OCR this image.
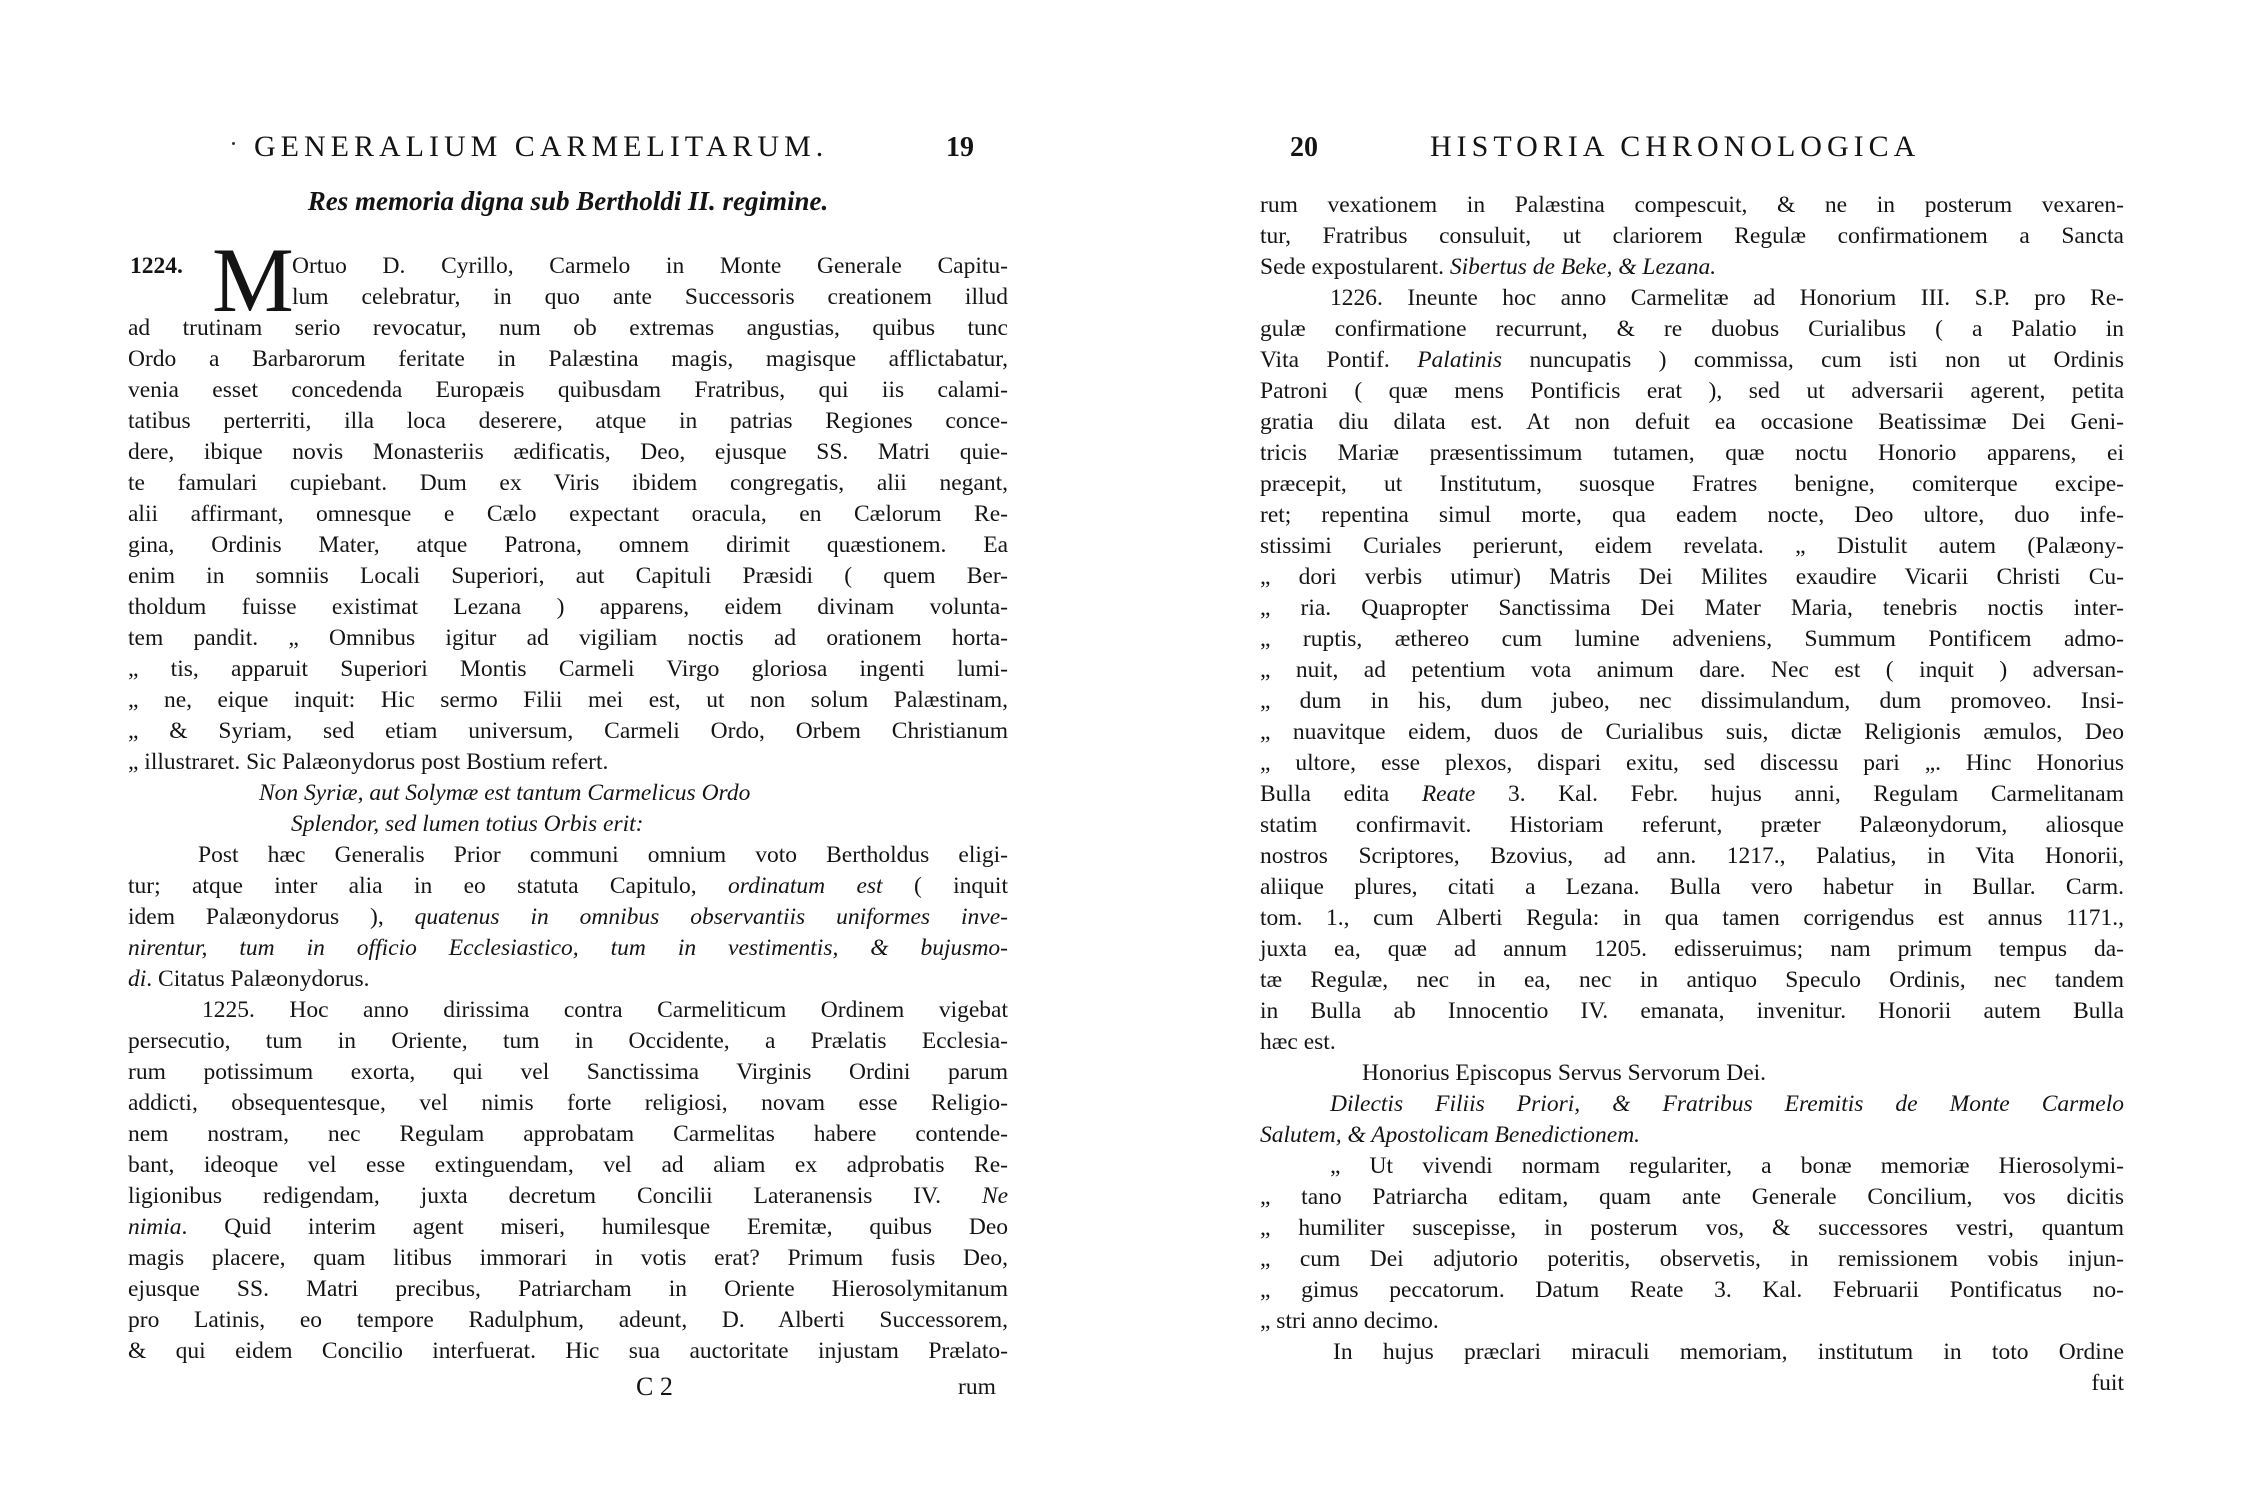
GENERALIUM CARMELITARUM.	19
Res memoria digna sub Bertholdi II. regimine.
1224. M
Ortuo D. Cyrillo, Carmelo in Monte Generale Capitu-
lum celebratur, in quo ante Successoris creationem illud
ad trutinam serio revocatur, num ob extremas angustias, quibus tunc
Ordo a Barbarorum feritate in Palæstina magis, magisque afflictabatur,
venia esset concedenda Europæis quibusdam Fratribus, qui iis calami-
tatibus perterriti, illa loca deserere, atque in patrias Regiones conce-
dere, ibique novis Monasteriis ædificatis, Deo, ejusque SS. Matri quie-
te famulari cupiebant. Dum ex Viris ibidem congregatis, alii negant,
alii affirmant, omnesque e Cælo expectant oracula, en Cælorum Re-
gina, Ordinis Mater, atque Patrona, omnem dirimit quæstionem. Ea
enim in somniis Locali Superiori, aut Capituli Præsidi ( quem Ber-
tholdum fuisse existimat Lezana ) apparens, eidem divinam volunta-
tem pandit. „ Omnibus igitur ad vigiliam noctis ad orationem horta-
„ tis, apparuit Superiori Montis Carmeli Virgo gloriosa ingenti lumi-
„ ne, eique inquit: Hic sermo Filii mei est, ut non solum Palæstinam,
„ & Syriam, sed etiam universum, Carmeli Ordo, Orbem Christianum
„ illustraret. Sic Palæonydorus post Bostium refert.
Non Syriæ, aut Solymæ est tantum Carmelicus Ordo
Splendor, sed lumen totius Orbis erit:
Post hæc Generalis Prior communi omnium voto Bertholdus eligi-
tur; atque inter alia in eo statuta Capitulo, ordinatum est ( inquit
idem Palæonydorus ), quatenus in omnibus observantiis uniformes inve-
nirentur, tum in officio Ecclesiastico, tum in vestimentis, & bujusmo-
di. Citatus Palæonydorus.
1225. Hoc anno dirissima contra Carmeliticum Ordinem vigebat
persecutio, tum in Oriente, tum in Occidente, a Prælatis Ecclesia-
rum potissimum exorta, qui vel Sanctissima Virginis Ordini parum
addicti, obsequentesque, vel nimis forte religiosi, novam esse Religio-
nem nostram, nec Regulam approbatam Carmelitas habere contende-
bant, ideoque vel esse extinguendam, vel ad aliam ex adprobatis Re-
ligionibus redigendam, juxta decretum Concilii Lateranensis IV. Ne
nimia. Quid interim agent miseri, humilesque Eremitæ, quibus Deo
magis placere, quam litibus immorari in votis erat? Primum fusis Deo,
ejusque SS. Matri precibus, Patriarcham in Oriente Hierosolymitanum
pro Latinis, eo tempore Radulphum, adeunt, D. Alberti Successorem,
& qui eidem Concilio interfuerat. Hic sua auctoritate injustam Prælato-
C 2	rum
20	HISTORIA CHRONOLOGICA
rum vexationem in Palæstina compescuit, & ne in posterum vexaren-
tur, Fratribus consuluit, ut clariorem Regulæ confirmationem a Sancta
Sede expostularent. Sibertus de Beke, & Lezana.
1226. Ineunte hoc anno Carmelitæ ad Honorium III. S.P. pro Re-
gulæ confirmatione recurrunt, & re duobus Curialibus ( a Palatio in
Vita Pontif. Palatinis nuncupatis ) commissa, cum isti non ut Ordinis
Patroni ( quæ mens Pontificis erat ), sed ut adversarii agerent, petita
gratia diu dilata est. At non defuit ea occasione Beatissimæ Dei Geni-
tricis Mariæ præsentissimum tutamen, quæ noctu Honorio apparens, ei
præcepit, ut Institutum, suosque Fratres benigne, comiterque excipe-
ret; repentina simul morte, qua eadem nocte, Deo ultore, duo infe-
stissimi Curiales perierunt, eidem revelata. „ Distulit autem (Palæony-
„ dori verbis utimur) Matris Dei Milites exaudire Vicarii Christi Cu-
„ ria. Quapropter Sanctissima Dei Mater Maria, tenebris noctis inter-
„ ruptis, æthereo cum lumine adveniens, Summum Pontificem admo-
„ nuit, ad petentium vota animum dare. Nec est ( inquit ) adversan-
„ dum in his, dum jubeo, nec dissimulandum, dum promoveo. Insi-
„ nuavitque eidem, duos de Curialibus suis, dictæ Religionis æmulos, Deo
„ ultore, esse plexos, dispari exitu, sed discessu pari „. Hinc Honorius
Bulla edita Reate 3. Kal. Febr. hujus anni, Regulam Carmelitanam
statim confirmavit. Historiam referunt, præter Palæonydorum, aliosque
nostros Scriptores, Bzovius, ad ann. 1217., Palatius, in Vita Honorii,
aliique plures, citati a Lezana. Bulla vero habetur in Bullar. Carm.
tom. 1., cum Alberti Regula: in qua tamen corrigendus est annus 1171.,
juxta ea, quæ ad annum 1205. edisseruimus; nam primum tempus da-
tæ Regulæ, nec in ea, nec in antiquo Speculo Ordinis, nec tandem
in Bulla ab Innocentio IV. emanata, invenitur. Honorii autem Bulla
hæc est.
Honorius Episcopus Servus Servorum Dei.
Dilectis Filiis Priori, & Fratribus Eremitis de Monte Carmelo
Salutem, & Apostolicam Benedictionem.
„ Ut vivendi normam regulariter, a bonæ memoriæ Hierosolymi-
„ tano Patriarcha editam, quam ante Generale Concilium, vos dicitis
„ humiliter suscepisse, in posterum vos, & successores vestri, quantum
„ cum Dei adjutorio poteritis, observetis, in remissionem vobis injun-
„ gimus peccatorum. Datum Reate 3. Kal. Februarii Pontificatus no-
„ stri anno decimo.
In hujus præclari miraculi memoriam, institutum in toto Ordine
fuit
